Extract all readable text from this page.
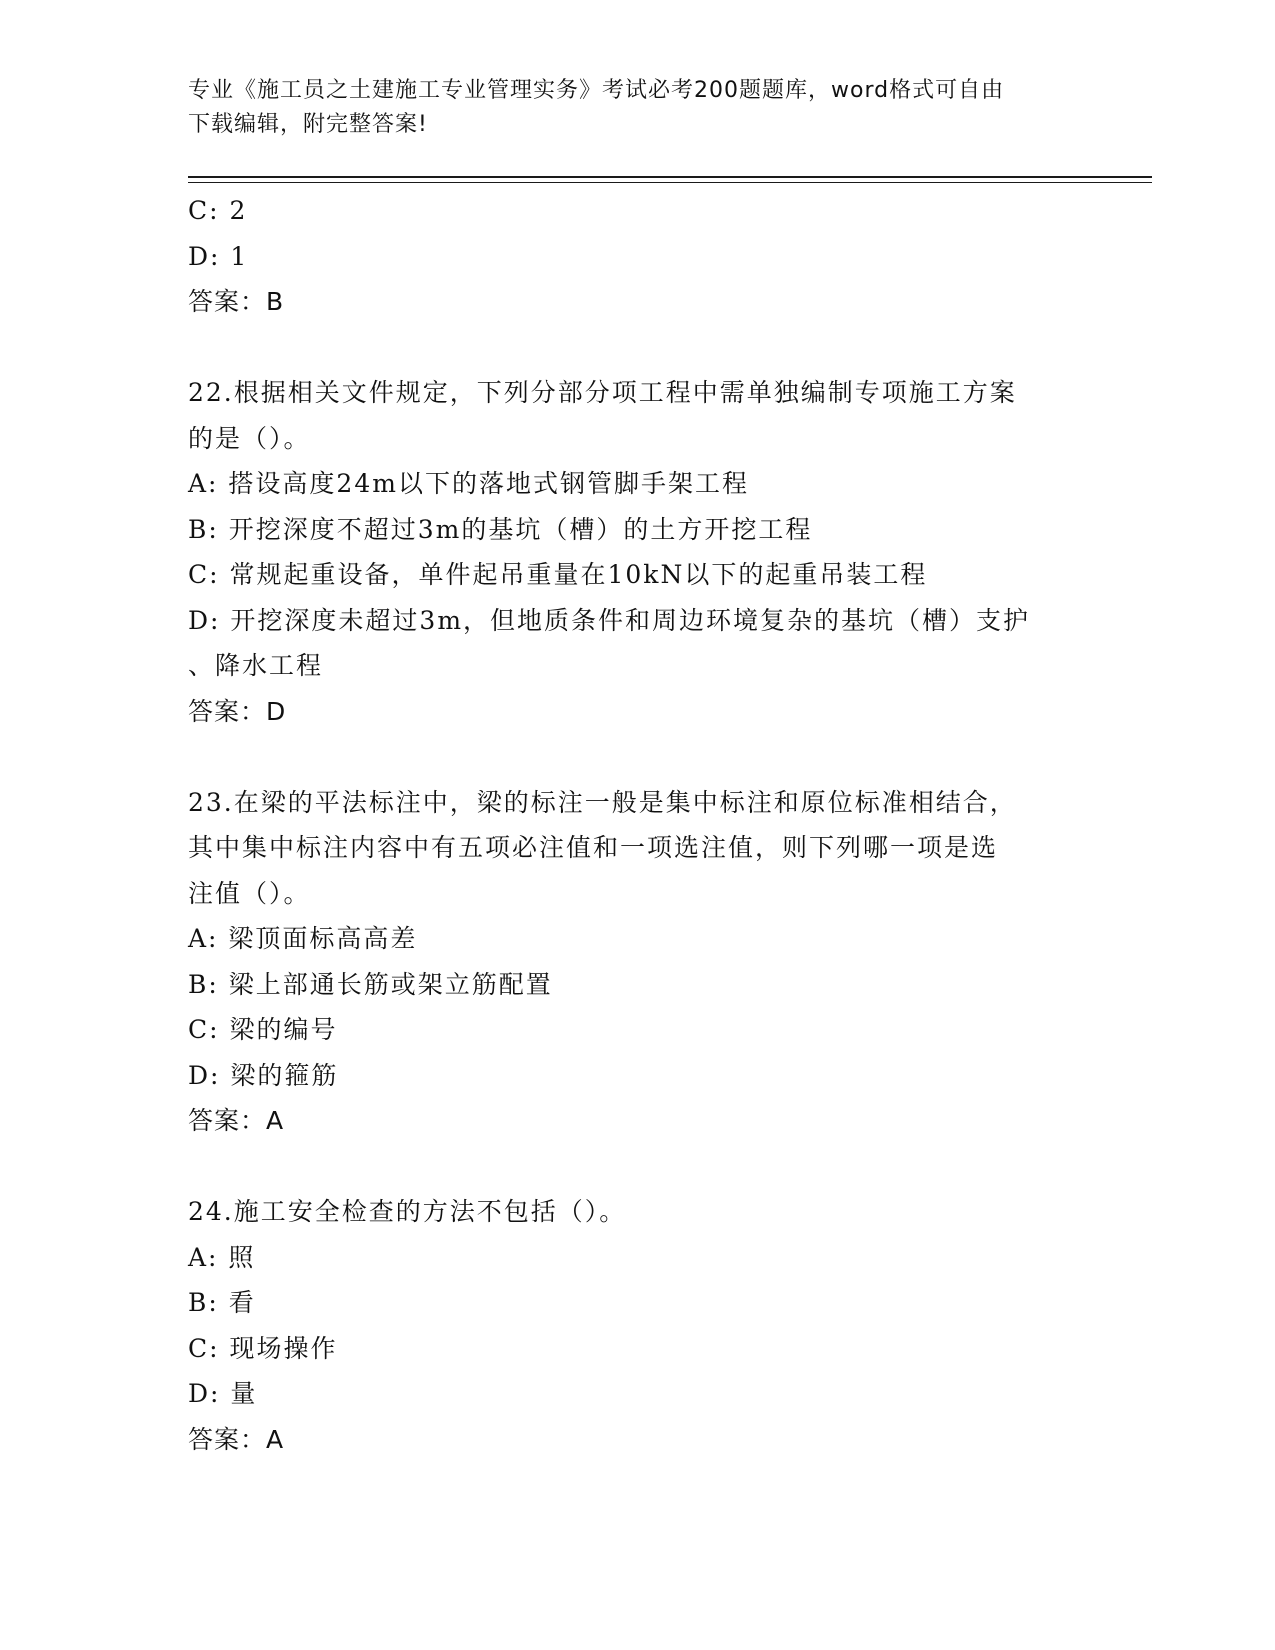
专业《施工员之土建施工专业管理实务》考试必考200题题库，word格式可自由
下载编辑，附完整答案!
C: 2
D: 1
答案：B
22.根据相关文件规定，下列分部分项工程中需单独编制专项施工方案
的是（）。
A: 搭设高度24m以下的落地式钢管脚手架工程
B: 开挖深度不超过3m的基坑（槽）的土方开挖工程
C: 常规起重设备，单件起吊重量在10kN以下的起重吊装工程
D: 开挖深度未超过3m，但地质条件和周边环境复杂的基坑（槽）支护
、降水工程
答案：D
23.在梁的平法标注中，梁的标注一般是集中标注和原位标准相结合，
其中集中标注内容中有五项必注值和一项选注值，则下列哪一项是选
注值（）。
A: 梁顶面标高高差
B: 梁上部通长筋或架立筋配置
C: 梁的编号
D: 梁的箍筋
答案：A
24.施工安全检查的方法不包括（）。
A: 照
B: 看
C: 现场操作
D: 量
答案：A
